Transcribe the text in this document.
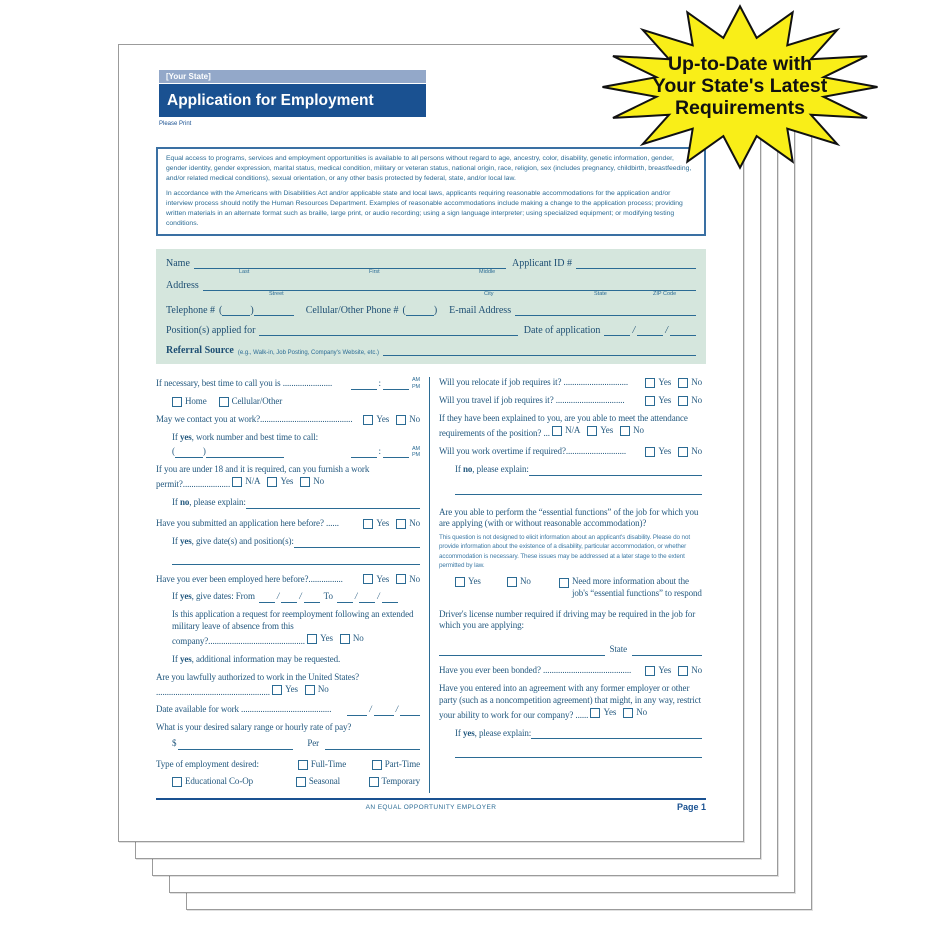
[Your State]
Application for Employment
Please Print

Equal access to programs, services and employment opportunities is available to all persons without regard to age, ancestry, color, disability, genetic information, gender, gender identity, gender expression, marital status, medical condition, military or veteran status, national origin, race, religion, sex (includes pregnancy, childbirth, breastfeeding, and/or related medical conditions), sexual orientation, or any other basis protected by federal, state, and/or local law.

In accordance with the Americans with Disabilities Act and/or applicable state and local laws, applicants requiring reasonable accommodations for the application and/or interview process should notify the Human Resources Department. Examples of reasonable accommodations include making a change to the application process; providing written materials in an alternate format such as braille, large print, or audio recording; using a sign language interpreter; using specialized equipment; or modifying testing conditions.

Name	Applicant ID #
Last	First	Middle
Address
Street	City	State	ZIP Code
Telephone # (	)	Cellular/Other Phone # (	) E-mail Address
Position(s) applied for	Date of application	/	/
Referral Source (e.g., Walk-in, Job Posting, Company's Website, etc.)
If necessary, best time to call you is .......................	:	AM
PM
Home	Cellular/Other
May we contact you at work?...........................................	Yes No
If yes, work number and best time to call:
(	)	:	AM
PM
If you are under 18 and it is required, can you furnish a work permit?...................... N/A Yes No
If no, please explain:
Have you submitted an application here before? ......	Yes No
If yes, give date(s) and position(s):
Have you ever been employed here before?................	Yes No
If yes, give dates: From / / To / /
Is this application a request for reemployment following an extended military leave of absence from this company?............................................. Yes No
If yes, additional information may be requested.
Are you lawfully authorized to work in the United States? ..................................................... Yes No
Date available for work ..........................................	/	/
What is your desired salary range or hourly rate of pay?
$	Per
Type of employment desired:	Full-Time	Part-Time
Educational Co-Op	Seasonal	Temporary
Will you relocate if job requires it? ..............................	Yes No
Will you travel if job requires it? ................................	Yes No
If they have been explained to you, are you able to meet the attendance requirements of the position? ... N/A Yes No
Will you work overtime if required?............................	Yes No
If no, please explain:
Are you able to perform the “essential functions” of the job for which you are applying (with or without reasonable accommodation)?
This question is not designed to elicit information about an applicant's disability. Please do not provide information about the existence of a disability, particular accommodation, or whether accommodation is necessary. These issues may be addressed at a later stage to the extent permitted by law.
Yes	No	Need more information about the
job's “essential functions” to respond
Driver's license number required if driving may be required in the job for which you are applying:
State
Have you ever been bonded? .........................................	Yes No
Have you entered into an agreement with any former employer or other party (such as a noncompetition agreement) that might, in any way, restrict your ability to work for our company? ...... Yes No
If yes, please explain:
AN EQUAL OPPORTUNITY EMPLOYER	Page 1
Up-to-Date with
Your State's Latest
Requirements
